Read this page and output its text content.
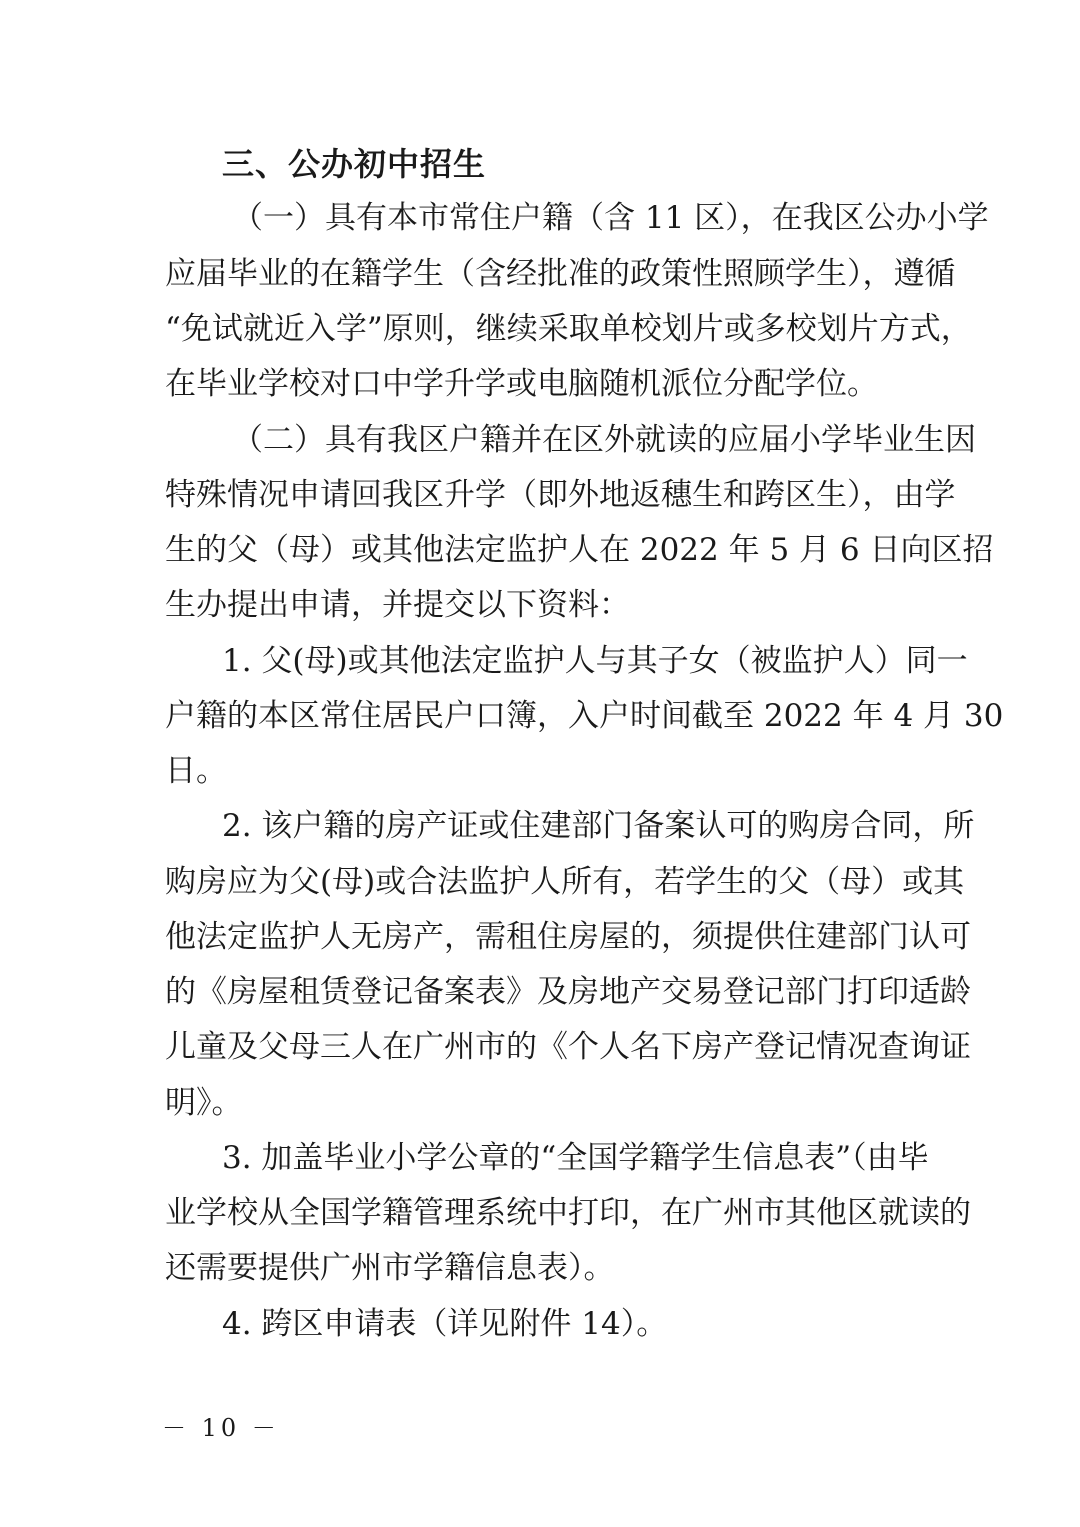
三、公办初中招生
（一）具有本市常住户籍（含 11 区），在我区公办小学
应届毕业的在籍学生（含经批准的政策性照顾学生），遵循
“免试就近入学”原则，继续采取单校划片或多校划片方式，
在毕业学校对口中学升学或电脑随机派位分配学位。
（二）具有我区户籍并在区外就读的应届小学毕业生因
特殊情况申请回我区升学（即外地返穗生和跨区生），由学
生的父（母）或其他法定监护人在 2022 年 5 月 6 日向区招
生办提出申请，并提交以下资料：
1. 父(母)或其他法定监护人与其子女（被监护人）同一
户籍的本区常住居民户口簿，入户时间截至 2022 年 4 月 30
日。
2. 该户籍的房产证或住建部门备案认可的购房合同，所
购房应为父(母)或合法监护人所有，若学生的父（母）或其
他法定监护人无房产，需租住房屋的，须提供住建部门认可
的《房屋租赁登记备案表》及房地产交易登记部门打印适龄
儿童及父母三人在广州市的《个人名下房产登记情况查询证
明》。
3. 加盖毕业小学公章的“全国学籍学生信息表”（由毕
业学校从全国学籍管理系统中打印，在广州市其他区就读的
还需要提供广州市学籍信息表）。
4. 跨区申请表（详见附件 14）。
－ 10 －
